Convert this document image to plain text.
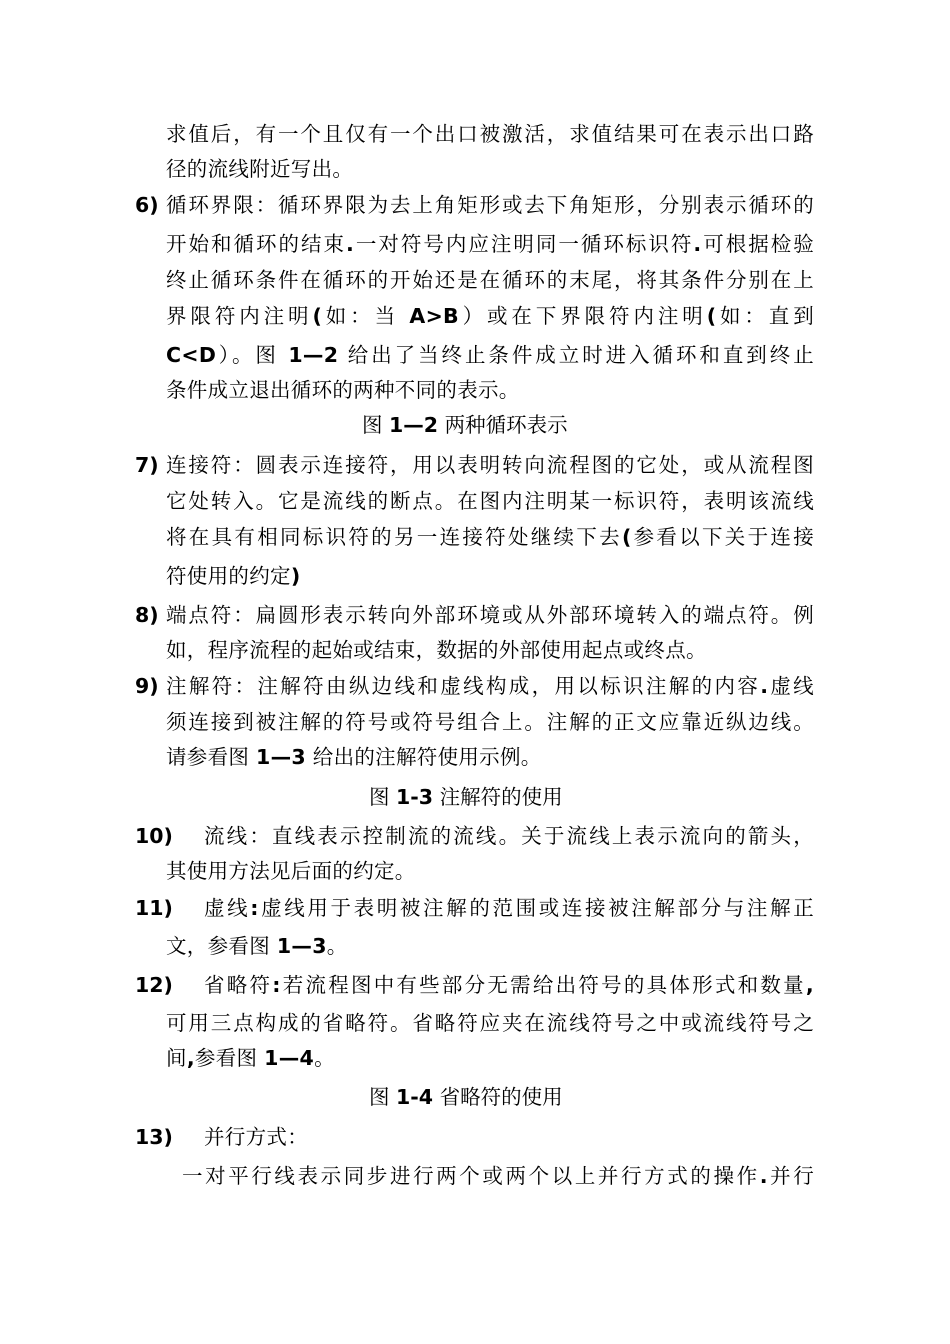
求值后，有一个且仅有一个出口被激活，求值结果可在表示出口路
径的流线附近写出。
6) 循环界限：循环界限为去上角矩形或去下角矩形，分别表示循环的
开始和循环的结束.一对符号内应注明同一循环标识符.可根据检验
终止循环条件在循环的开始还是在循环的末尾，将其条件分别在上
界限符内注明(如：当 A>B）或在下界限符内注明(如：直到
C<D）。图 1—2 给出了当终止条件成立时进入循环和直到终止
条件成立退出循环的两种不同的表示。
图 1—2 两种循环表示
7) 连接符：圆表示连接符，用以表明转向流程图的它处，或从流程图
它处转入。它是流线的断点。在图内注明某一标识符，表明该流线
将在具有相同标识符的另一连接符处继续下去(参看以下关于连接
符使用的约定)
8) 端点符：扁圆形表示转向外部环境或从外部环境转入的端点符。例
如，程序流程的起始或结束，数据的外部使用起点或终点。
9) 注解符：注解符由纵边线和虚线构成，用以标识注解的内容.虚线
须连接到被注解的符号或符号组合上。注解的正文应靠近纵边线。
请参看图 1—3 给出的注解符使用示例。
图 1-3 注解符的使用
10) 流线：直线表示控制流的流线。关于流线上表示流向的箭头，
其使用方法见后面的约定。
11) 虚线:虚线用于表明被注解的范围或连接被注解部分与注解正
文，参看图 1—3。
12) 省略符:若流程图中有些部分无需给出符号的具体形式和数量,
可用三点构成的省略符。省略符应夹在流线符号之中或流线符号之
间,参看图 1—4。
图 1-4 省略符的使用
13) 并行方式：
一对平行线表示同步进行两个或两个以上并行方式的操作.并行
